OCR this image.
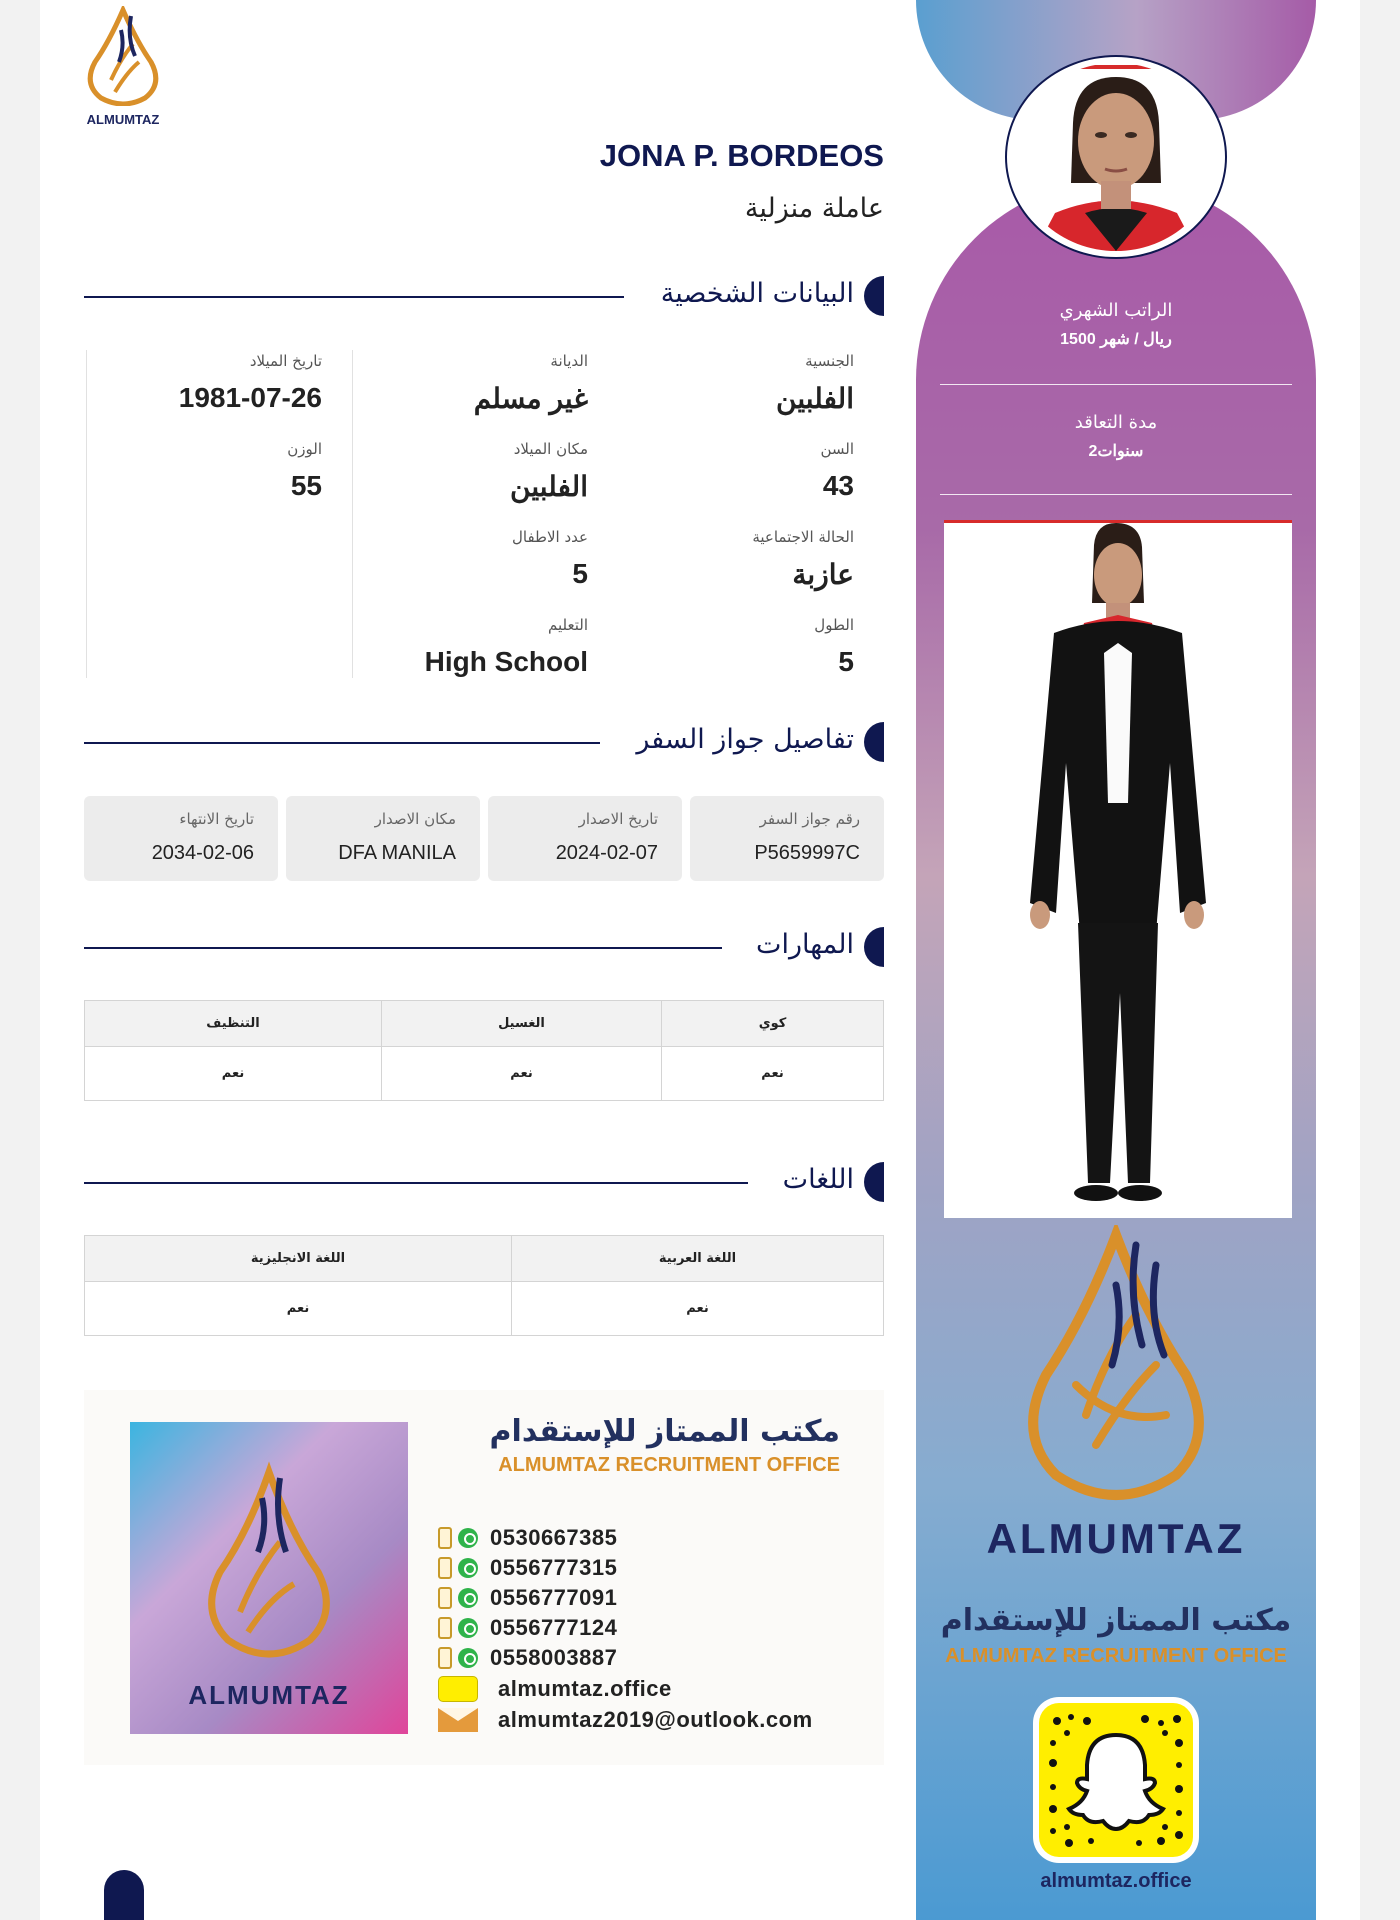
الراتب الشهري
1500 ريال / شهر
مدة التعاقد
2سنوات
ALMUMTAZ
مكتب الممتاز للإستقدام
ALMUMTAZ RECRUITMENT OFFICE
almumtaz.office
ALMUMTAZ
JONA P. BORDEOS
عاملة منزلية
البيانات الشخصية
الجنسية
الفلبين
السن
43
الحالة الاجتماعية
عازبة
الطول
5
الديانة
غير مسلم
مكان الميلاد
الفلبين
عدد الاطفال
5
التعليم
High School
تاريخ الميلاد
1981-07-26
الوزن
55
تفاصيل جواز السفر
رقم جواز السفر
P5659997C
تاريخ الاصدار
2024-02-07
مكان الاصدار
DFA MANILA
تاريخ الانتهاء
2034-02-06
المهارات
كوي	الغسيل	التنظيف
نعم	نعم	نعم
اللغات
اللغة العربية	اللغة الانجليزية
نعم	نعم
ALMUMTAZ
مكتب الممتاز للإستقدام
ALMUMTAZ RECRUITMENT OFFICE
0530667385
0556777315
0556777091
0556777124
0558003887
almumtaz.office
almumtaz2019@outlook.com
